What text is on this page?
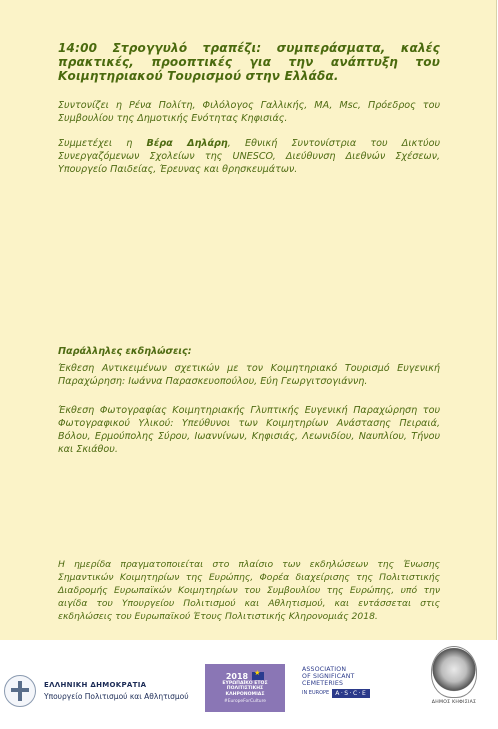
14:00 Στρογγυλό τραπέζι: συμπεράσματα, καλές πρακτικές, προοπτικές για την ανάπτυξη του Κοιμητηριακού Τουρισμού στην Ελλάδα.

Συντονίζει η Ρένα Πολίτη, Φιλόλογος Γαλλικής, MA, Msc, Πρόεδρος του Συμβουλίου της Δημοτικής Ενότητας Κηφισιάς.

Συμμετέχει η Βέρα Δηλάρη, Εθνική Συντονίστρια του Δικτύου Συνεργαζόμενων Σχολείων της UNESCO, Διεύθυνση Διεθνών Σχέσεων, Υπουργείο Παιδείας, Έρευνας και θρησκευμάτων.

Παράλληλες εκδηλώσεις:

Έκθεση Αντικειμένων σχετικών με τον Κοιμητηριακό Τουρισμό Ευγενική Παραχώρηση: Ιωάννα Παρασκευοπούλου, Εύη Γεωργιτσογιάννη.

Έκθεση Φωτογραφίας Κοιμητηριακής Γλυπτικής Ευγενική Παραχώρηση του Φωτογραφικού Υλικού: Υπεύθυνοι των Κοιμητηρίων Ανάστασης Πειραιά, Βόλου, Ερμούπολης Σύρου, Ιωαννίνων, Κηφισιάς, Λεωνιδίου, Ναυπλίου, Τήνου και Σκιάθου.

Η ημερίδα πραγματοποιείται στο πλαίσιο των εκδηλώσεων της Ένωσης Σημαντικών Κοιμητηρίων της Ευρώπης, Φορέα διαχείρισης της Πολιτιστικής Διαδρομής Ευρωπαϊκών Κοιμητηρίων του Συμβουλίου της Ευρώπης, υπό την αιγίδα του Υπουργείου Πολιτισμού και Αθλητισμού, και εντάσσεται στις εκδηλώσεις του Ευρωπαϊκού Έτους Πολιτιστικής Κληρονομιάς 2018.

ΕΛΛΗΝΙΚΗ ΔΗΜΟΚΡΑΤΙΑ
Υπουργείο Πολιτισμού και Αθλητισμού
2018
★
ΕΥΡΩΠΑΪΚΟ ΕΤΟΣ
ΠΟΛΙΤΙΣΤΙΚΗΣ
ΚΛΗΡΟΝΟΜΙΑΣ
#EuropeForCulture
ASSOCIATION
OF SIGNIFICANT
CEMETERIES
IN EUROPE	A·S·C·E
ΔΗΜΟΣ ΚΗΦΙΣΙΑΣ
